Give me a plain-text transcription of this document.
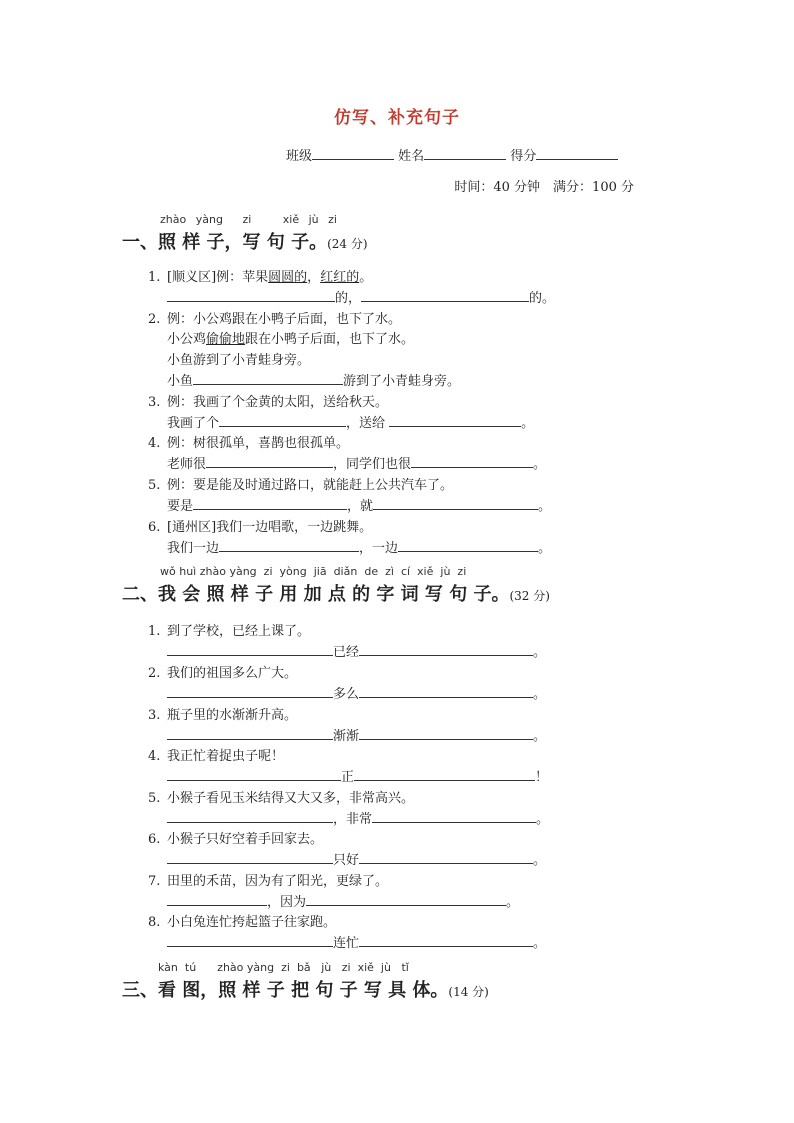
仿写、补充句子
班级	姓名	得分
时间：40 分钟　满分：100 分
zhào yàng zi	xiě jù zi
一、照 样 子，写 句 子。(24 分)
1. [顺义区]例：苹果圆圆的，红红的。
的，	的。
2. 例：小公鸡跟在小鸭子后面，也下了水。
小公鸡偷偷地跟在小鸭子后面，也下了水。
小鱼游到了小青蛙身旁。
小鱼	游到了小青蛙身旁。
3. 例：我画了个金黄的太阳，送给秋天。
我画了个	，送给	。
4. 例：树很孤单，喜鹊也很孤单。
老师很	，同学们也很	。
5. 例：要是能及时通过路口，就能赶上公共汽车了。
要是	，就	。
6. [通州区]我们一边唱歌，一边跳舞。
我们一边	，一边	。
wǒ huì zhào yàng zi yòng jiā diǎn de zì cí xiě jù zi
二、我 会 照 样 子 用 加 点 的 字 词 写 句 子。(32 分)
1. 到了学校，已经上课了。
已经	。
2. 我们的祖国多么广大。
多么	。
3. 瓶子里的水渐渐升高。
渐渐	。
4. 我正忙着捉虫子呢！
正	！
5. 小猴子看见玉米结得又大又多，非常高兴。
，非常	。
6. 小猴子只好空着手回家去。
只好	。
7. 田里的禾苗，因为有了阳光，更绿了。
，因为	。
8. 小白兔连忙挎起篮子往家跑。
连忙	。
kàn tú zhào yàng zi bǎ jù zi xiě jù tǐ
三、看 图，照 样 子 把 句 子 写 具 体。(14 分)
